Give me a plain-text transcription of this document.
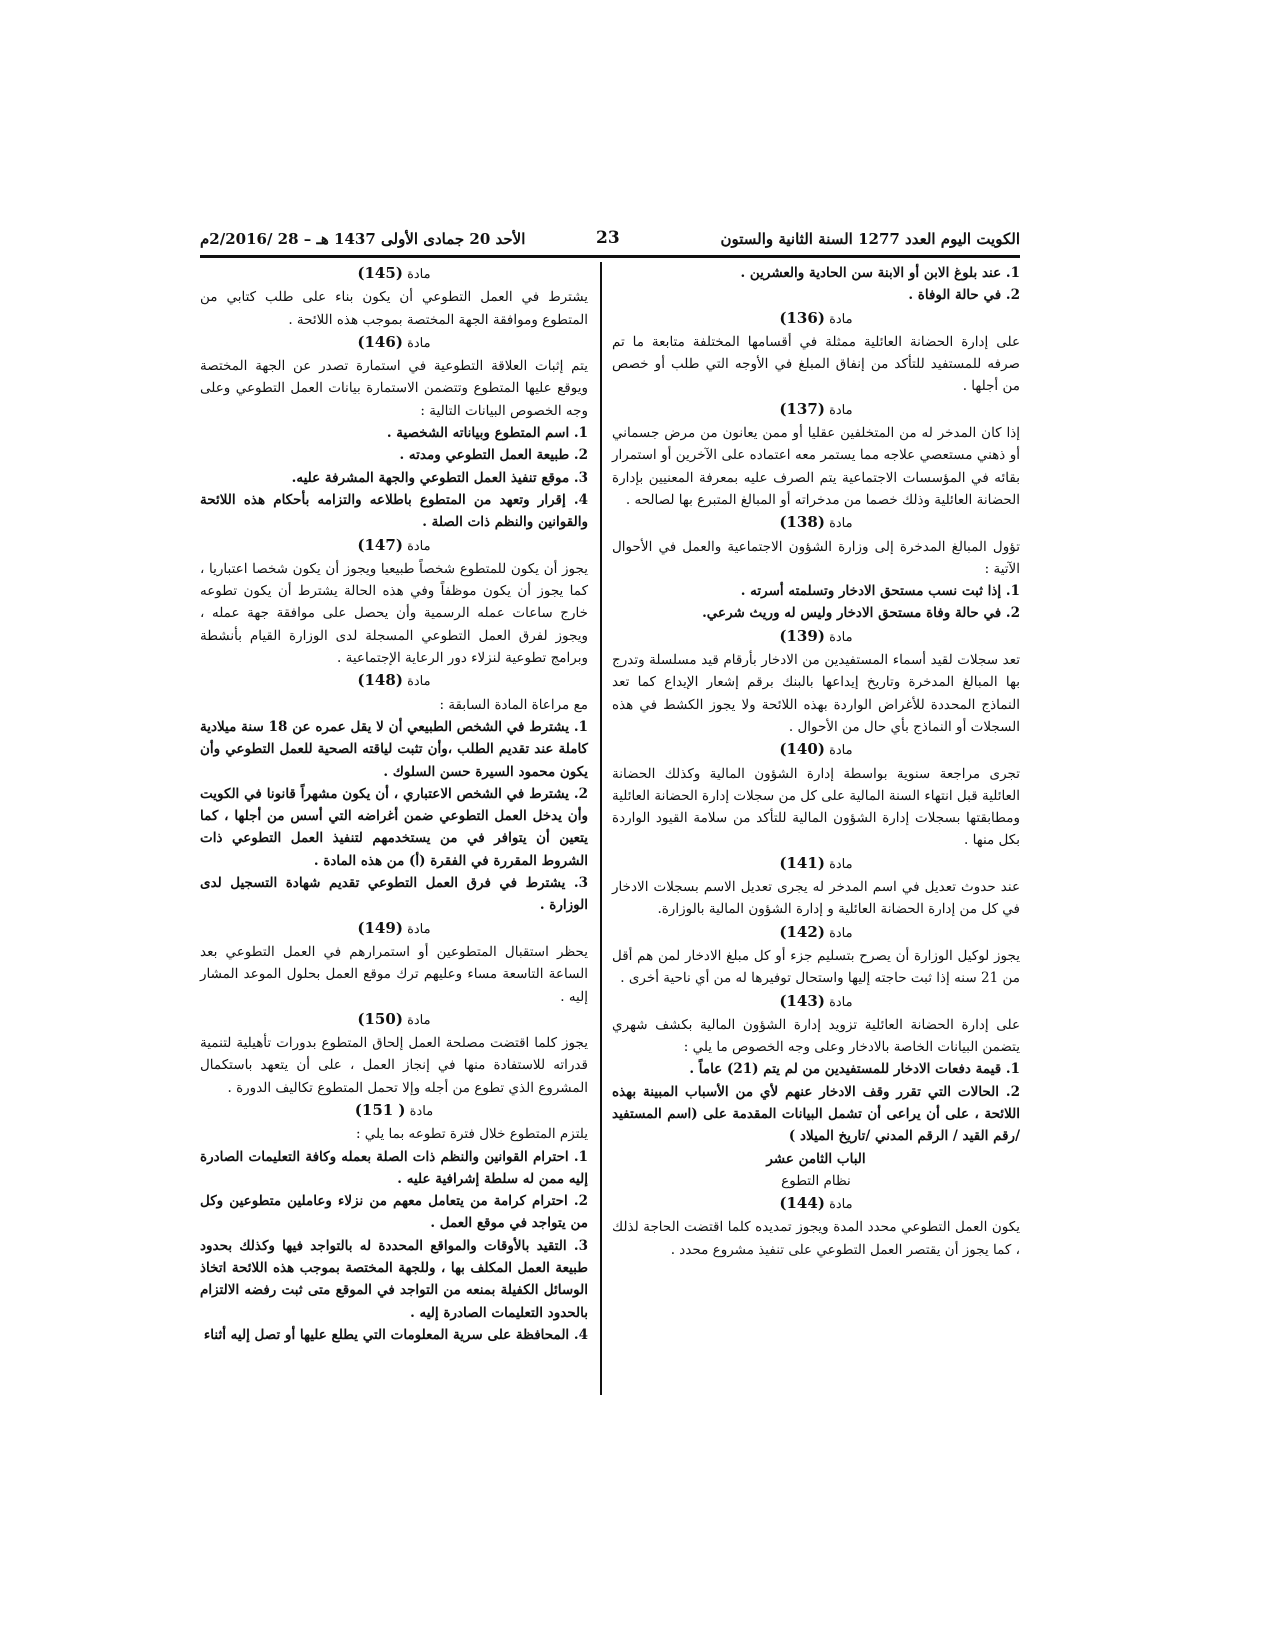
الكويت اليوم العدد 1277 السنة الثانية والستون
23
الأحد 20 جمادى الأولى 1437 هـ – 28 /2/2016م

1. عند بلوغ الابن أو الابنة سن الحادية والعشرين .

2. في حالة الوفاة .

مادة (136)

على إدارة الحضانة العائلية ممثلة في أقسامها المختلفة متابعة ما تم صرفه للمستفيد للتأكد من إنفاق المبلغ في الأوجه التي طلب أو خصص من أجلها .

مادة (137)

إذا كان المدخر له من المتخلفين عقليا أو ممن يعانون من مرض جسماني أو ذهني مستعصي علاجه مما يستمر معه اعتماده على الآخرين أو استمرار بقائه في المؤسسات الاجتماعية يتم الصرف عليه بمعرفة المعنيين بإدارة الحضانة العائلية وذلك خصما من مدخراته أو المبالغ المتبرع بها لصالحه .

مادة (138)

تؤول المبالغ المدخرة إلى وزارة الشؤون الاجتماعية والعمل في الأحوال الآتية :

1. إذا ثبت نسب مستحق الادخار وتسلمته أسرته .

2. في حالة وفاة مستحق الادخار وليس له وريث شرعي.

مادة (139)

تعد سجلات لقيد أسماء المستفيدين من الادخار بأرقام قيد مسلسلة وتدرج بها المبالغ المدخرة وتاريخ إيداعها بالبنك برقم إشعار الإيداع كما تعد النماذج المحددة للأغراض الواردة بهذه اللائحة ولا يجوز الكشط في هذه السجلات أو النماذج بأي حال من الأحوال .

مادة (140)

تجرى مراجعة سنوية بواسطة إدارة الشؤون المالية وكذلك الحضانة العائلية قبل انتهاء السنة المالية على كل من سجلات إدارة الحضانة العائلية ومطابقتها بسجلات إدارة الشؤون المالية للتأكد من سلامة القيود الواردة بكل منها .

مادة (141)

عند حدوث تعديل في اسم المدخر له يجرى تعديل الاسم بسجلات الادخار في كل من إدارة الحضانة العائلية و إدارة الشؤون المالية بالوزارة.

مادة (142)

يجوز لوكيل الوزارة أن يصرح بتسليم جزء أو كل مبلغ الادخار لمن هم أقل من 21 سنه إذا ثبت حاجته إليها واستحال توفيرها له من أي ناحية أخرى .

مادة (143)

على إدارة الحضانة العائلية تزويد إدارة الشؤون المالية بكشف شهري يتضمن البيانات الخاصة بالادخار وعلى وجه الخصوص ما يلي :

1. قيمة دفعات الادخار للمستفيدين من لم يتم (21) عاماً .

2. الحالات التي تقرر وقف الادخار عنهم لأي من الأسباب المبينة بهذه اللائحة ، على أن يراعى أن تشمل البيانات المقدمة على (اسم المستفيد /رقم القيد / الرقم المدني /تاريخ الميلاد )

الباب الثامن عشر

نظام التطوع

مادة (144)

يكون العمل التطوعي محدد المدة ويجوز تمديده كلما اقتضت الحاجة لذلك ، كما يجوز أن يقتصر العمل التطوعي على تنفيذ مشروع محدد .

مادة (145)

يشترط في العمل التطوعي أن يكون بناء على طلب كتابي من المتطوع وموافقة الجهة المختصة بموجب هذه اللائحة .

مادة (146)

يتم إثبات العلاقة التطوعية في استمارة تصدر عن الجهة المختصة ويوقع عليها المتطوع وتتضمن الاستمارة بيانات العمل التطوعي وعلى وجه الخصوص البيانات التالية :

1. اسم المتطوع وبياناته الشخصية .

2. طبيعة العمل التطوعي ومدته .

3. موقع تنفيذ العمل التطوعي والجهة المشرفة عليه.

4. إقرار وتعهد من المتطوع باطلاعه والتزامه بأحكام هذه اللائحة والقوانين والنظم ذات الصلة .

مادة (147)

يجوز أن يكون للمتطوع شخصاً طبيعيا ويجوز أن يكون شخصا اعتباريا ، كما يجوز أن يكون موظفاً وفي هذه الحالة يشترط أن يكون تطوعه خارج ساعات عمله الرسمية وأن يحصل على موافقة جهة عمله ، ويجوز لفرق العمل التطوعي المسجلة لدى الوزارة القيام بأنشطة وبرامج تطوعية لنزلاء دور الرعاية الإجتماعية .

مادة (148)

مع مراعاة المادة السابقة :

1. يشترط في الشخص الطبيعي أن لا يقل عمره عن 18 سنة ميلادية كاملة عند تقديم الطلب ،وأن تثبت لياقته الصحية للعمل التطوعي وأن يكون محمود السيرة حسن السلوك .

2. يشترط في الشخص الاعتباري ، أن يكون مشهراً قانونا في الكويت وأن يدخل العمل التطوعي ضمن أغراضه التي أسس من أجلها ، كما يتعين أن يتوافر في من يستخدمهم لتنفيذ العمل التطوعي ذات الشروط المقررة في الفقرة (أ) من هذه المادة .

3. يشترط في فرق العمل التطوعي تقديم شهادة التسجيل لدى الوزارة .

مادة (149)

يحظر استقبال المتطوعين أو استمرارهم في العمل التطوعي بعد الساعة التاسعة مساء وعليهم ترك موقع العمل بحلول الموعد المشار إليه .

مادة (150)

يجوز كلما اقتضت مصلحة العمل إلحاق المتطوع بدورات تأهيلية لتنمية قدراته للاستفادة منها في إنجاز العمل ، على أن يتعهد باستكمال المشروع الذي تطوع من أجله وإلا تحمل المتطوع تكاليف الدورة .

مادة ( 151)

يلتزم المتطوع خلال فترة تطوعه بما يلي :

1. احترام القوانين والنظم ذات الصلة بعمله وكافة التعليمات الصادرة إليه ممن له سلطة إشرافية عليه .

2. احترام كرامة من يتعامل معهم من نزلاء وعاملين متطوعين وكل من يتواجد في موقع العمل .

3. التقيد بالأوقات والمواقع المحددة له بالتواجد فيها وكذلك بحدود طبيعة العمل المكلف بها ، وللجهة المختصة بموجب هذه اللائحة اتخاذ الوسائل الكفيلة بمنعه من التواجد في الموقع متى ثبت رفضه الالتزام بالحدود التعليمات الصادرة إليه .

4. المحافظة على سرية المعلومات التي يطلع عليها أو تصل إليه أثناء
